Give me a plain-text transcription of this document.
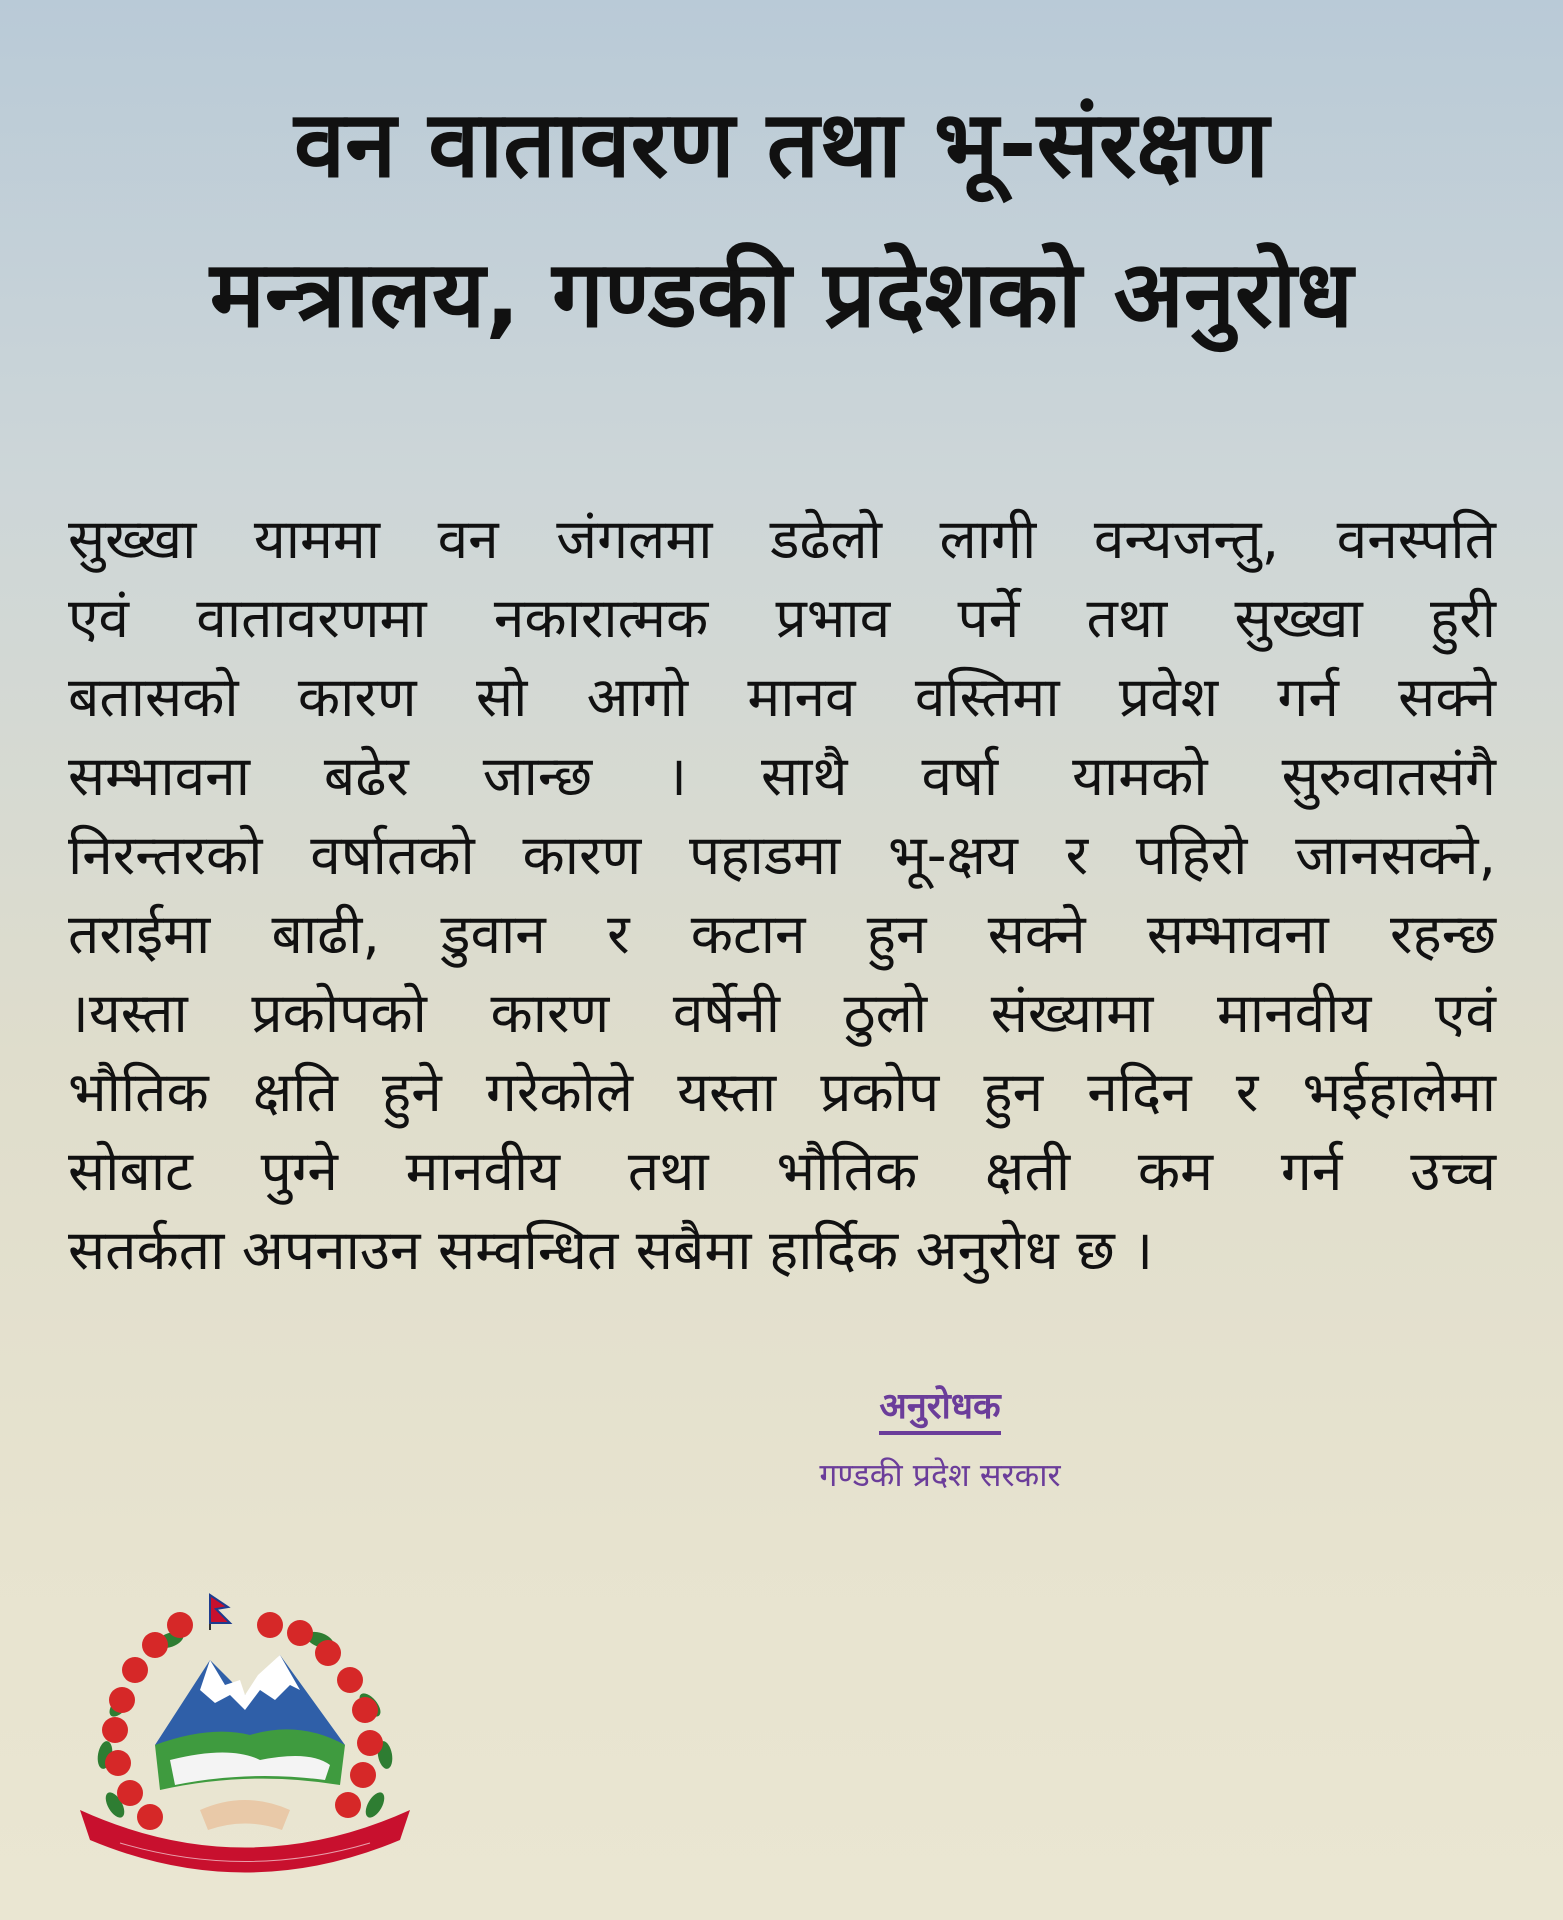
वन वातावरण तथा भू-संरक्षण
मन्त्रालय, गण्डकी प्रदेशको अनुरोध
सुख्खा याममा वन जंगलमा डढेलो लागी वन्यजन्तु, वनस्पति
एवं वातावरणमा नकारात्मक प्रभाव पर्ने तथा सुख्खा हुरी
बतासको कारण सो आगो मानव वस्तिमा प्रवेश गर्न सक्ने
सम्भावना बढेर जान्छ । साथै वर्षा यामको सुरुवातसंगै
निरन्तरको वर्षातको कारण पहाडमा भू-क्षय र पहिरो जानसक्ने,
तराईमा बाढी, डुवान र कटान हुन सक्ने सम्भावना रहन्छ
।यस्ता प्रकोपको कारण वर्षेनी ठुलो संख्यामा मानवीय एवं
भौतिक क्षति हुने गरेकोले यस्ता प्रकोप हुन नदिन र भईहालेमा
सोबाट पुग्ने मानवीय तथा भौतिक क्षती कम गर्न उच्च
सतर्कता अपनाउन सम्वन्धित सबैमा हार्दिक अनुरोध छ ।
अनुरोधक
गण्डकी प्रदेश सरकार
